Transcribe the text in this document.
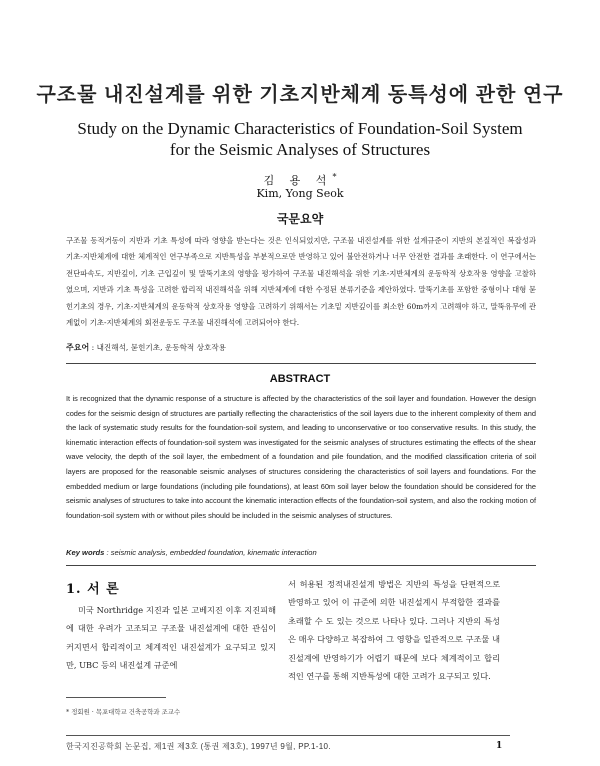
구조물 내진설계를 위한 기초지반체계 동특성에 관한 연구
Study on the Dynamic Characteristics of Foundation-Soil System
for the Seismic Analyses of Structures
김 용 석*
Kim, Yong Seok
국문요약
구조물 동적거동이 지반과 기초 특성에 따라 영향을 받는다는 것은 인식되었지만, 구조물 내진설계를 위한 설계규준이 지반의 본질적인 복잡성과 기초-지반체계에 대한 체계적인 연구부족으로 지반특성을 부분적으로만 반영하고 있어 불안전하거나 너무 안전한 결과를 초래한다. 이 연구에서는 전단파속도, 지반깊이, 기초 근입깊이 및 말뚝기초의 영향을 평가하여 구조물 내진해석을 위한 기초-지반체계의 운동학적 상호작용 영향을 고찰하였으며, 지반과 기초 특성을 고려한 합리적 내진해석을 위해 지반체계에 대한 수정된 분류기준을 제안하였다. 말뚝기초를 포함한 중형이나 대형 묻힌기초의 경우, 기초-지반체계의 운동학적 상호작용 영향을 고려하기 위해서는 기초밑 지반깊이를 최소한 60m까지 고려해야 하고, 말뚝유무에 관계없이 기초-지반체계의 회전운동도 구조물 내진해석에 고려되어야 한다.
주요어 : 내진해석, 묻힌기초, 운동학적 상호작용
ABSTRACT
It is recognized that the dynamic response of a structure is affected by the characteristics of the soil layer and foundation. However the design codes for the seismic design of structures are partially reflecting the characteristics of the soil layers due to the inherent complexity of them and the lack of systematic study results for the foundation-soil system, and leading to unconservative or too conservative results. In this study, the kinematic interaction effects of foundation-soil system was investigated for the seismic analyses of structures estimating the effects of the shear wave velocity, the depth of the soil layer, the embedment of a foundation and pile foundation, and the modified classification criteria of soil layers are proposed for the reasonable seismic analyses of structures considering the characteristics of soil layers and foundations. For the embedded medium or large foundations (including pile foundations), at least 60m soil layer below the foundation should be considered for the seismic analyses of structures to take into account the kinematic interaction effects of the foundation-soil system, and also the rocking motion of foundation-soil system with or without piles should be included in the seismic analyses of structures.
Key words : seismic analysis, embedded foundation, kinematic interaction
1. 서 론
미국 Northridge 지진과 일본 고베지진 이후 지진피해에 대한 우려가 고조되고 구조물 내진설계에 대한 관심이 커지면서 합리적이고 체계적인 내진설계가 요구되고 있지만, UBC 등의 내진설계 규준에
서 허용된 정적내진설계 방법은 지반의 특성을 단편적으로 반영하고 있어 이 규준에 의한 내진설계시 부적합한 결과를 초래할 수 도 있는 것으로 나타나 있다. 그러나 지반의 특성은 매우 다양하고 복잡하여 그 영향을 일관적으로 구조물 내진설계에 반영하기가 어렵기 때문에 보다 체계적이고 합리적인 연구를 통해 지반특성에 대한 고려가 요구되고 있다.
* 정회원 · 목포대학교 건축공학과 조교수
한국지진공학회 논문집, 제1권 제3호 (통권 제3호), 1997년 9월, PP.1-10.	1
